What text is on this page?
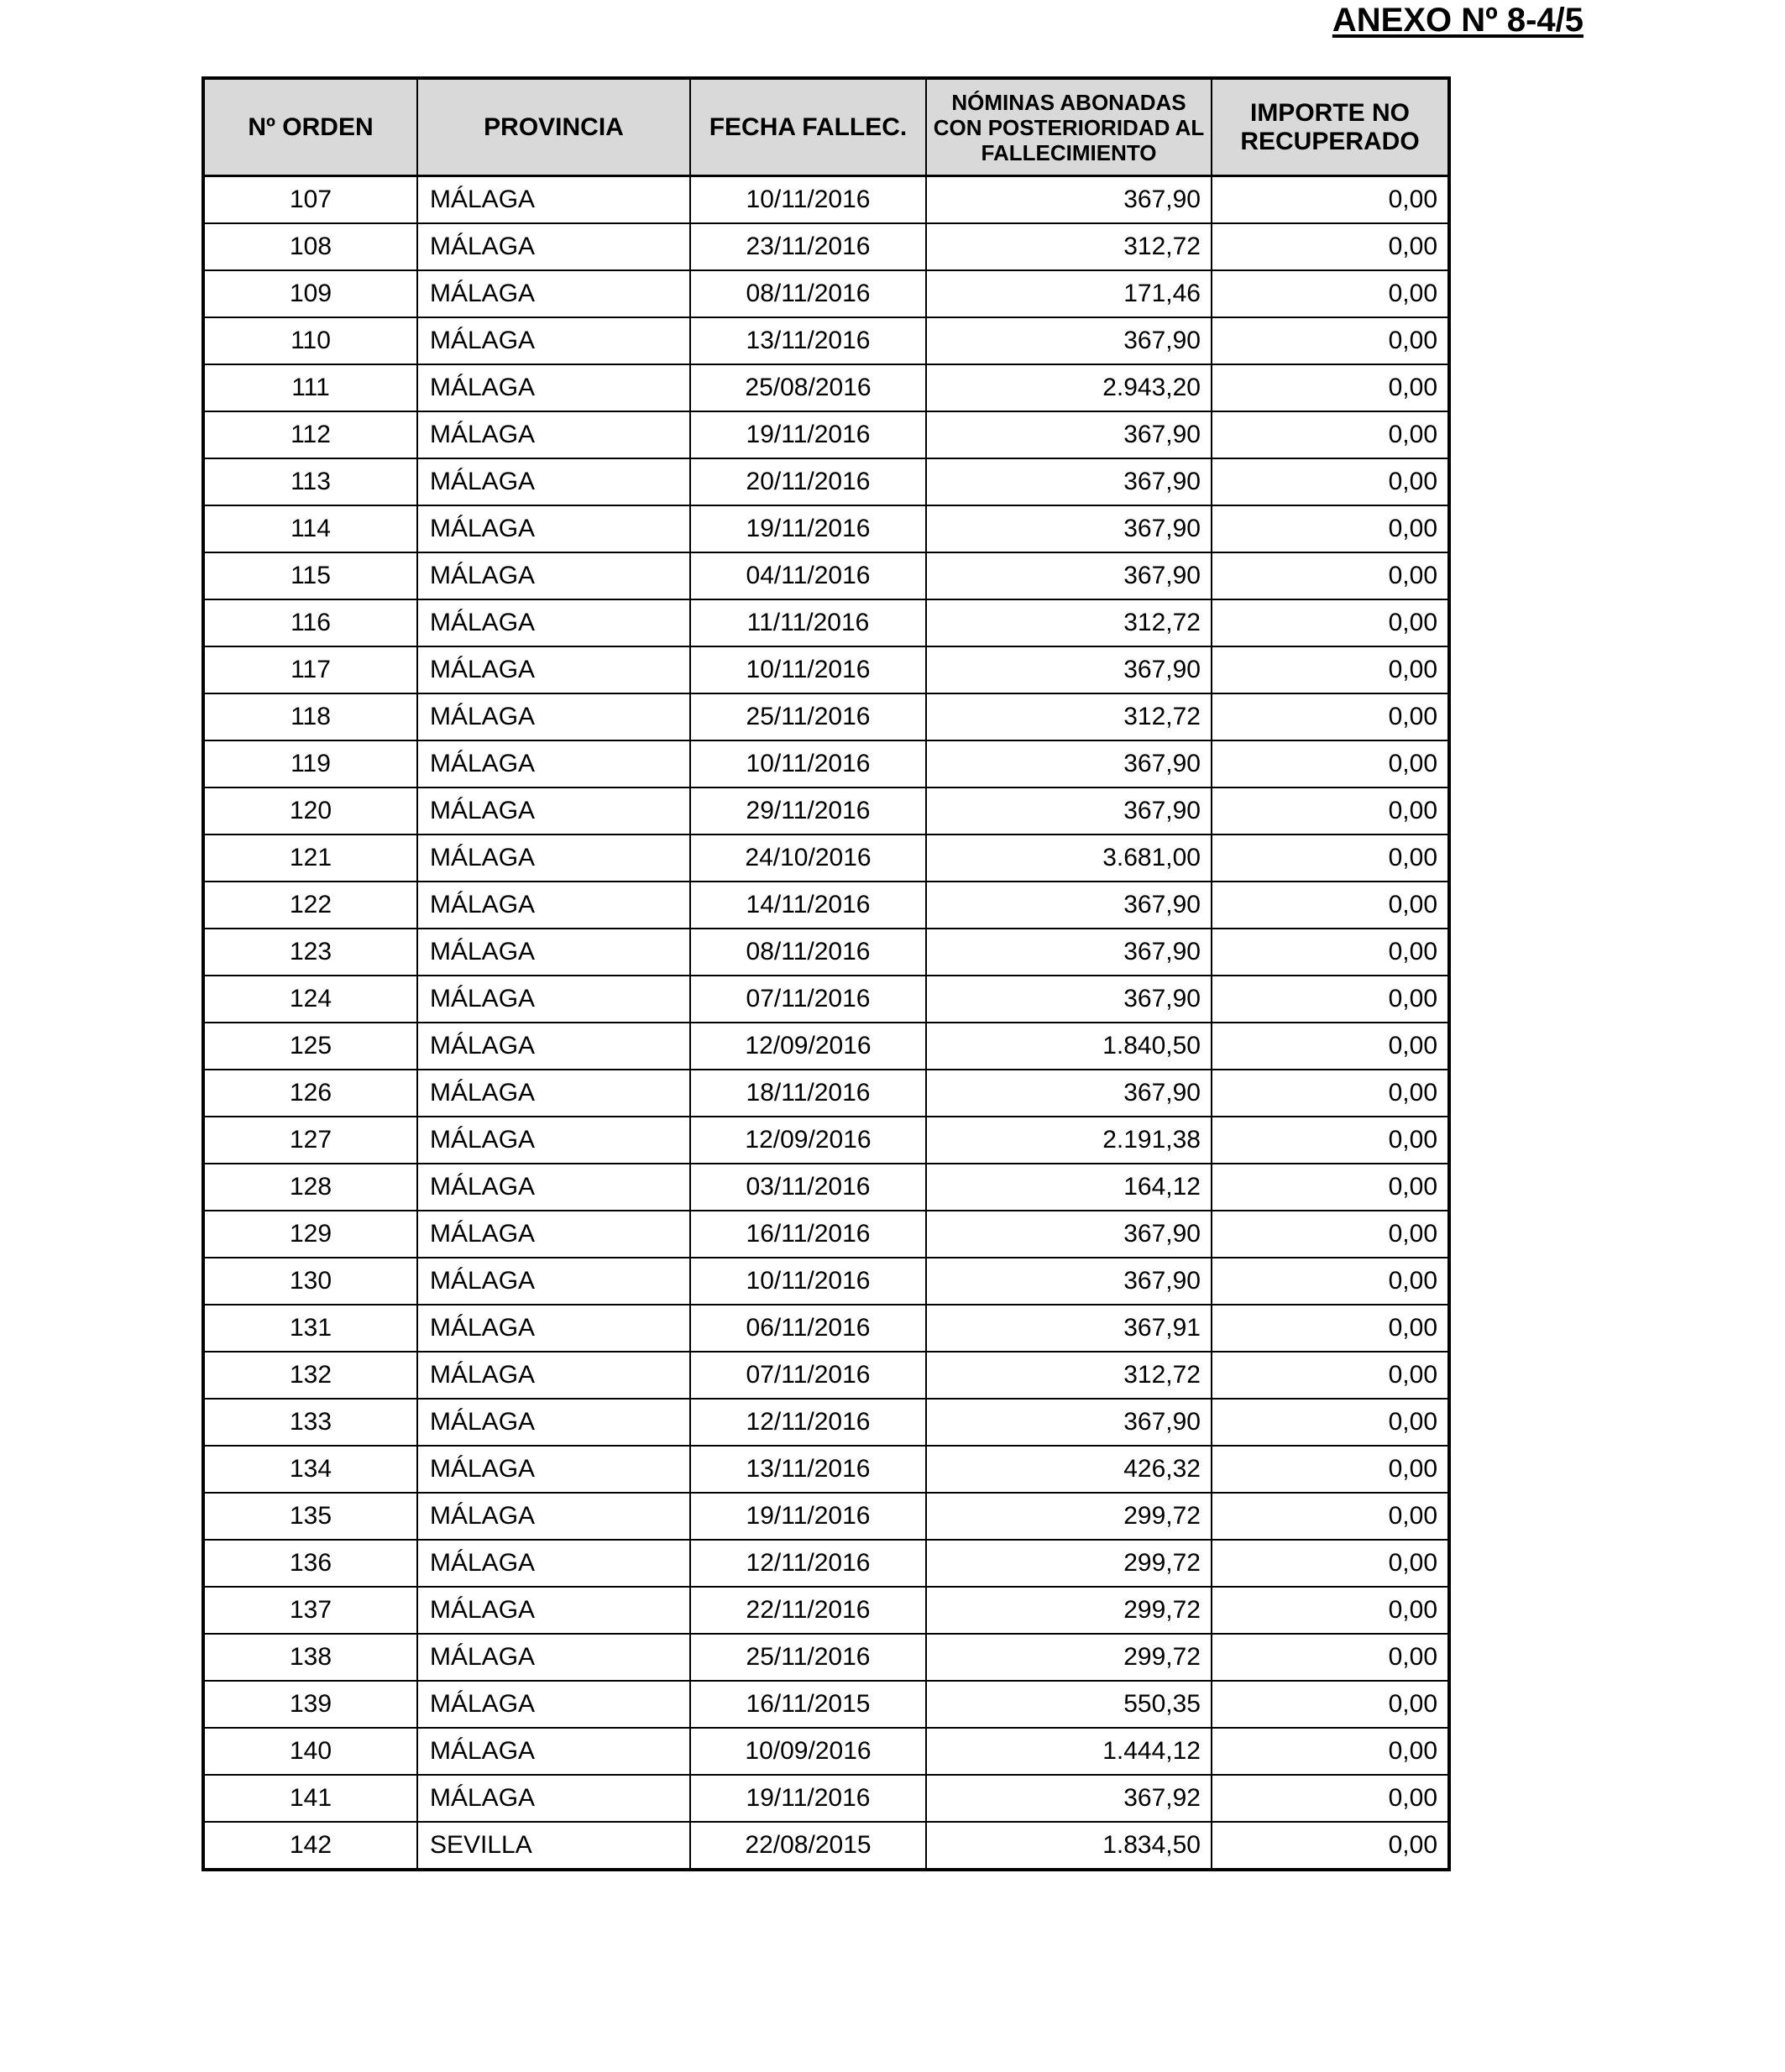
ANEXO Nº 8-4/5
Nº ORDEN	PROVINCIA	FECHA FALLEC.	NÓMINAS ABONADAS CON POSTERIORIDAD AL FALLECIMIENTO	IMPORTE NO RECUPERADO
107	MÁLAGA	10/11/2016	367,90	0,00
108	MÁLAGA	23/11/2016	312,72	0,00
109	MÁLAGA	08/11/2016	171,46	0,00
110	MÁLAGA	13/11/2016	367,90	0,00
111	MÁLAGA	25/08/2016	2.943,20	0,00
112	MÁLAGA	19/11/2016	367,90	0,00
113	MÁLAGA	20/11/2016	367,90	0,00
114	MÁLAGA	19/11/2016	367,90	0,00
115	MÁLAGA	04/11/2016	367,90	0,00
116	MÁLAGA	11/11/2016	312,72	0,00
117	MÁLAGA	10/11/2016	367,90	0,00
118	MÁLAGA	25/11/2016	312,72	0,00
119	MÁLAGA	10/11/2016	367,90	0,00
120	MÁLAGA	29/11/2016	367,90	0,00
121	MÁLAGA	24/10/2016	3.681,00	0,00
122	MÁLAGA	14/11/2016	367,90	0,00
123	MÁLAGA	08/11/2016	367,90	0,00
124	MÁLAGA	07/11/2016	367,90	0,00
125	MÁLAGA	12/09/2016	1.840,50	0,00
126	MÁLAGA	18/11/2016	367,90	0,00
127	MÁLAGA	12/09/2016	2.191,38	0,00
128	MÁLAGA	03/11/2016	164,12	0,00
129	MÁLAGA	16/11/2016	367,90	0,00
130	MÁLAGA	10/11/2016	367,90	0,00
131	MÁLAGA	06/11/2016	367,91	0,00
132	MÁLAGA	07/11/2016	312,72	0,00
133	MÁLAGA	12/11/2016	367,90	0,00
134	MÁLAGA	13/11/2016	426,32	0,00
135	MÁLAGA	19/11/2016	299,72	0,00
136	MÁLAGA	12/11/2016	299,72	0,00
137	MÁLAGA	22/11/2016	299,72	0,00
138	MÁLAGA	25/11/2016	299,72	0,00
139	MÁLAGA	16/11/2015	550,35	0,00
140	MÁLAGA	10/09/2016	1.444,12	0,00
141	MÁLAGA	19/11/2016	367,92	0,00
142	SEVILLA	22/08/2015	1.834,50	0,00
